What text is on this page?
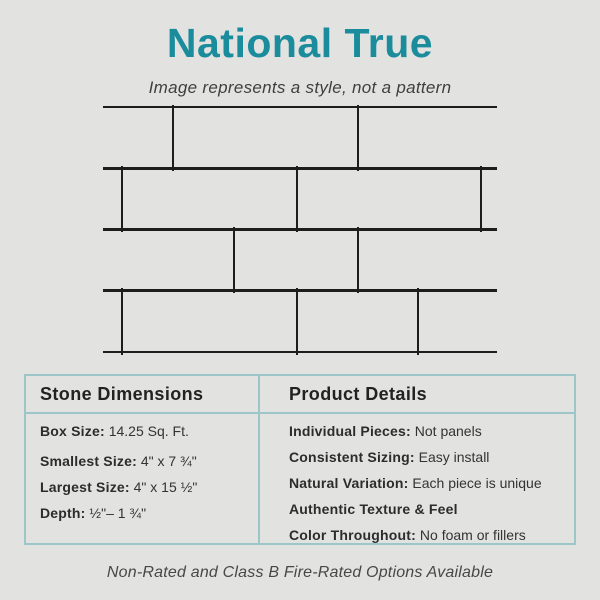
National True
Image represents a style, not a pattern
Stone Dimensions
Box Size: 14.25 Sq. Ft.
Smallest Size: 4" x 7 ¾"
Largest Size: 4" x 15 ½"
Depth: ½"– 1 ¾"
Product Details
Individual Pieces: Not panels
Consistent Sizing: Easy install
Natural Variation: Each piece is unique
Authentic Texture & Feel
Color Throughout: No foam or fillers
Non-Rated and Class B Fire-Rated Options Available
